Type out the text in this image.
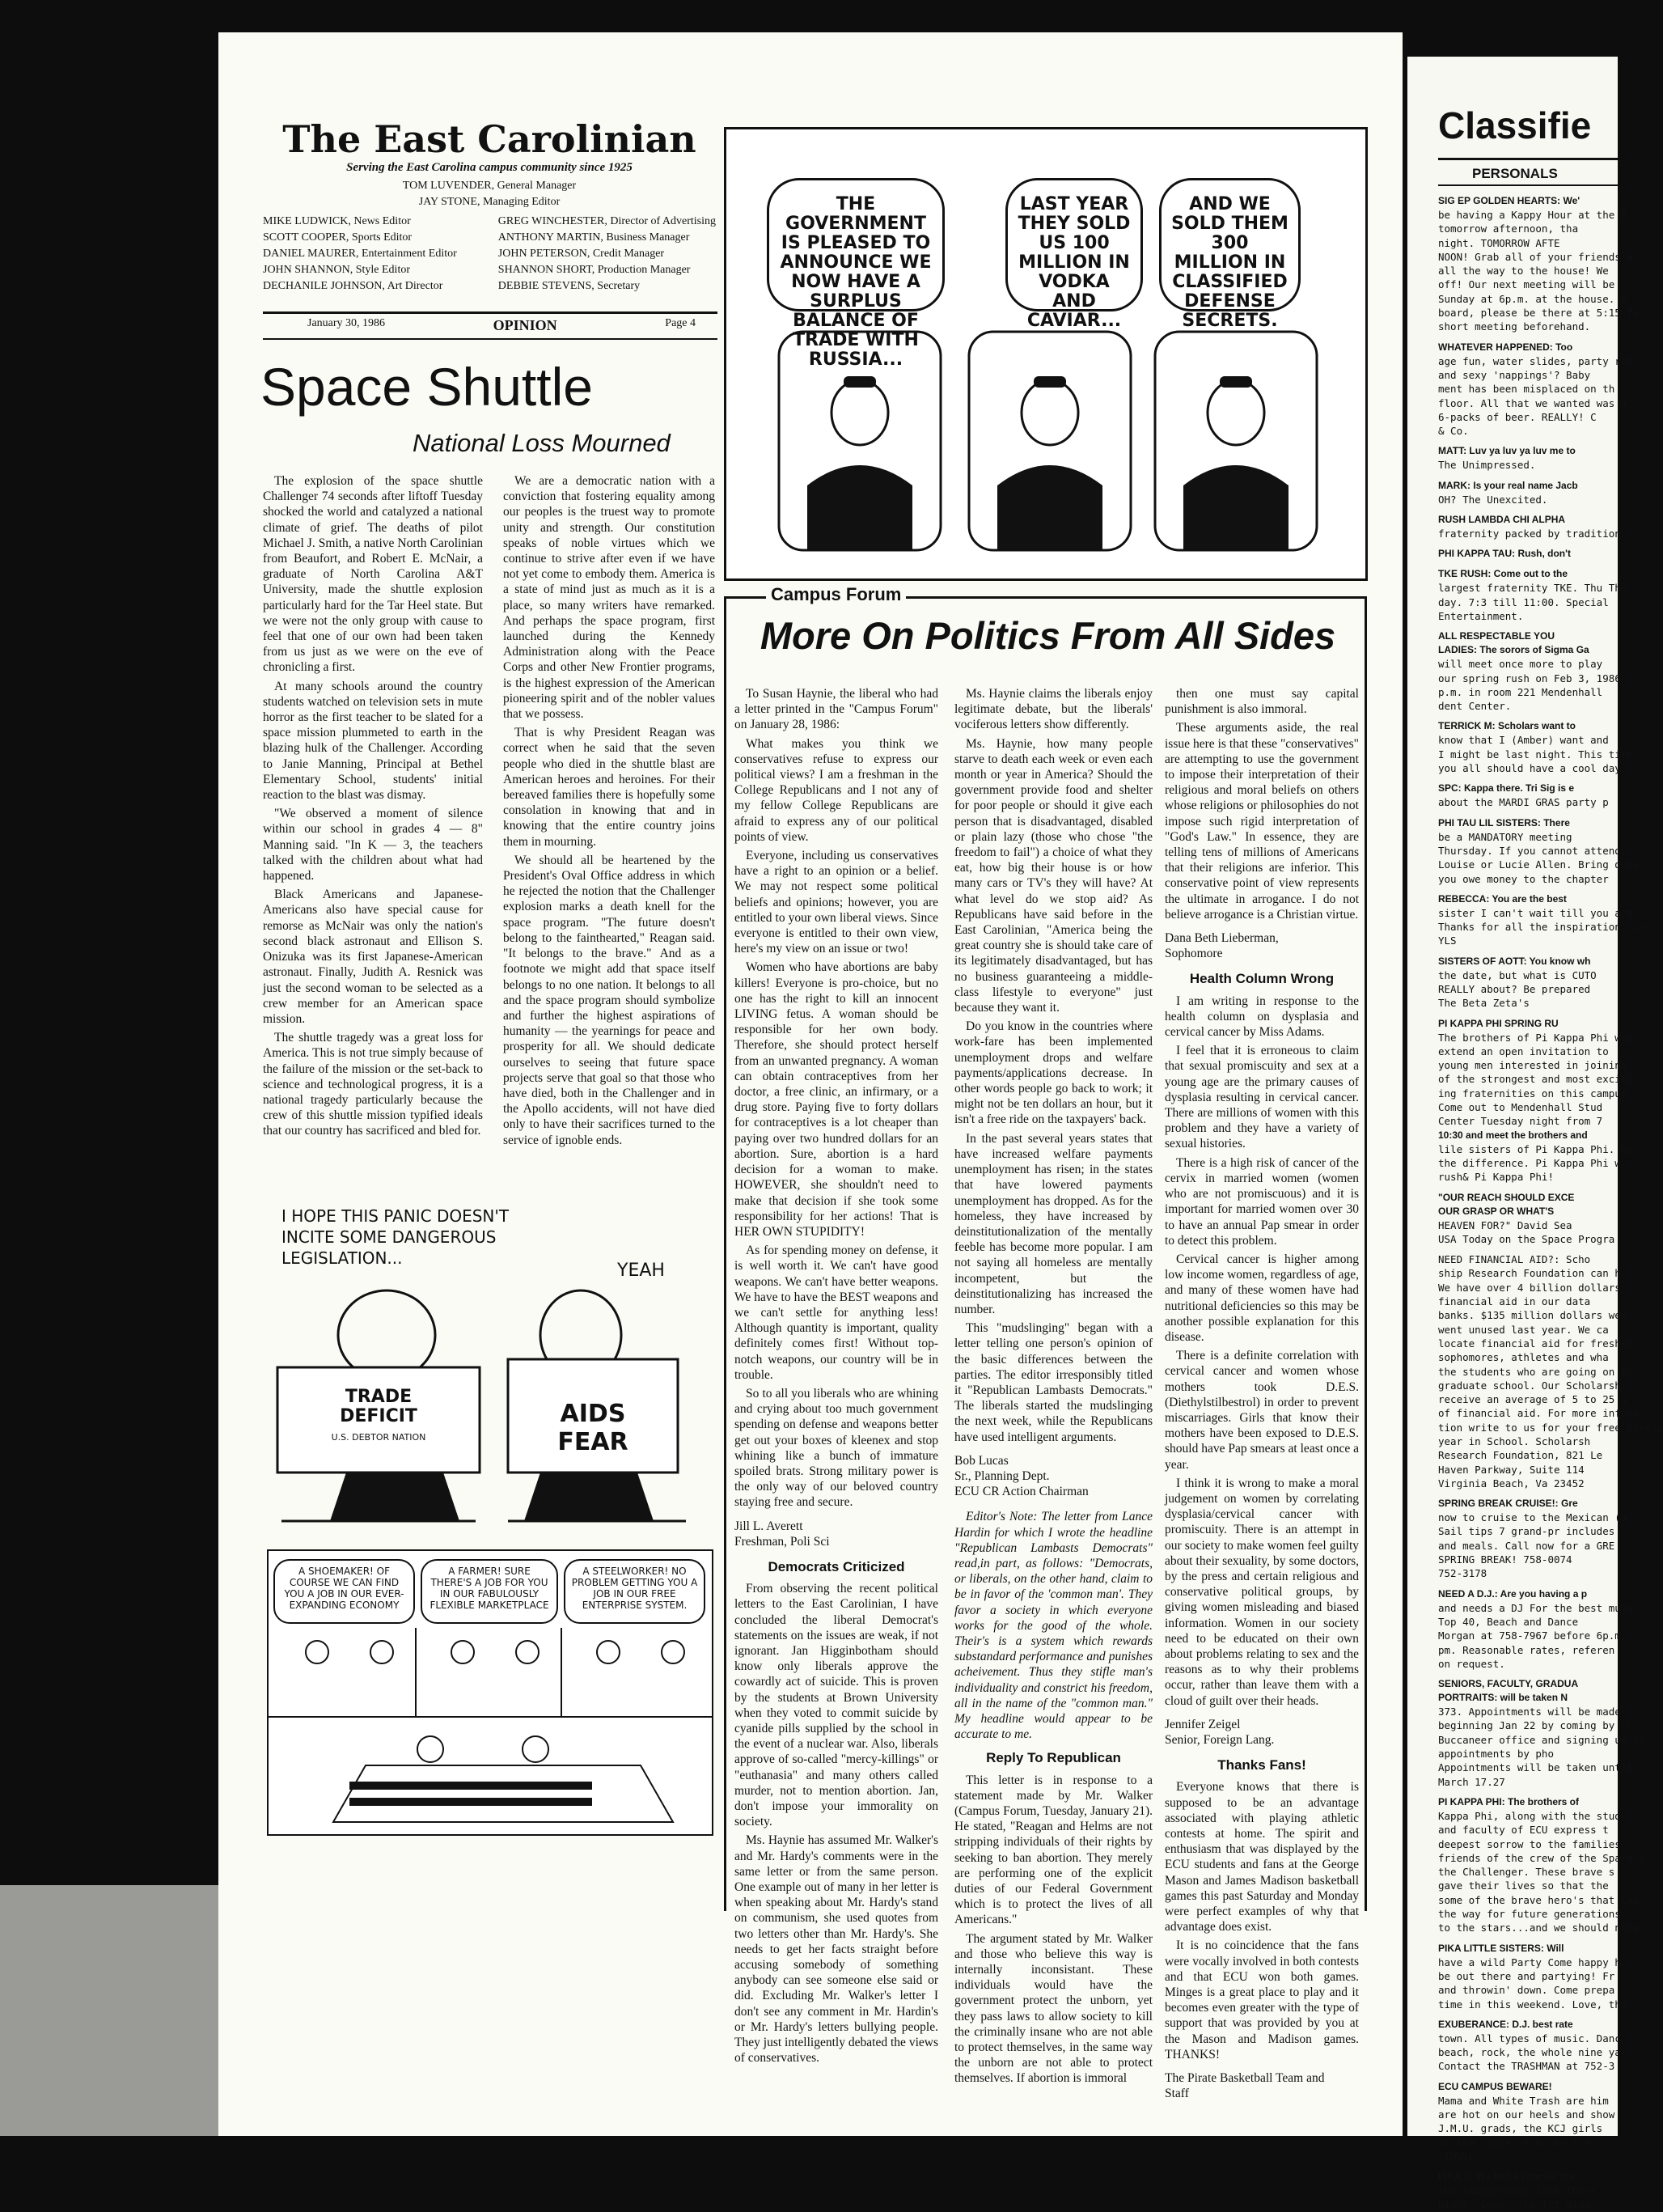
The East Carolinian
Serving the East Carolina campus community since 1925
TOM LUVENDER, General Manager
JAY STONE, Managing Editor
MIKE LUDWICK, News Editor
SCOTT COOPER, Sports Editor
DANIEL MAURER, Entertainment Editor
JOHN SHANNON, Style Editor
DECHANILE JOHNSON, Art Director
GREG WINCHESTER, Director of Advertising
ANTHONY MARTIN, Business Manager
JOHN PETERSON, Credit Manager
SHANNON SHORT, Production Manager
DEBBIE STEVENS, Secretary
January 30, 1986	OPINION	Page 4
Space Shuttle
National Loss Mourned

The explosion of the space shuttle Challenger 74 seconds after liftoff Tuesday shocked the world and catalyzed a national climate of grief. The deaths of pilot Michael J. Smith, a native North Carolinian from Beaufort, and Robert E. McNair, a graduate of North Carolina A&T University, made the shuttle explosion particularly hard for the Tar Heel state. But we were not the only group with cause to feel that one of our own had been taken from us just as we were on the eve of chronicling a first.

At many schools around the country students watched on television sets in mute horror as the first teacher to be slated for a space mission plummeted to earth in the blazing hulk of the Challenger. According to Janie Manning, Principal at Bethel Elementary School, students' initial reaction to the blast was dismay.

"We observed a moment of silence within our school in grades 4 — 8" Manning said. "In K — 3, the teachers talked with the children about what had happened.

Black Americans and Japanese-Americans also have special cause for remorse as McNair was only the nation's second black astronaut and Ellison S. Onizuka was its first Japanese-American astronaut. Finally, Judith A. Resnick was just the second woman to be selected as a crew member for an American space mission.

The shuttle tragedy was a great loss for America. This is not true simply because of the failure of the mission or the set-back to science and technological progress, it is a national tragedy particularly because the crew of this shuttle mission typified ideals that our country has sacrificed and bled for.

We are a democratic nation with a conviction that fostering equality among our peoples is the truest way to promote unity and strength. Our constitution speaks of noble virtues which we continue to strive after even if we have not yet come to embody them. America is a state of mind just as much as it is a place, so many writers have remarked. And perhaps the space program, first launched during the Kennedy Administration along with the Peace Corps and other New Frontier programs, is the highest expression of the American pioneering spirit and of the nobler values that we possess.

That is why President Reagan was correct when he said that the seven people who died in the shuttle blast are American heroes and heroines. For their bereaved families there is hopefully some consolation in knowing that and in knowing that the entire country joins them in mourning.

We should all be heartened by the President's Oval Office address in which he rejected the notion that the Challenger explosion marks a death knell for the space program. "The future doesn't belong to the fainthearted," Reagan said. "It belongs to the brave." And as a footnote we might add that space itself belongs to no one nation. It belongs to all and the space program should symbolize and further the highest aspirations of humanity — the yearnings for peace and prosperity for all. We should dedicate ourselves to seeing that future space projects serve that goal so that those who have died, both in the Challenger and in the Apollo accidents, will not have died only to have their sacrifices turned to the service of ignoble ends.

THE GOVERNMENT IS PLEASED TO ANNOUNCE WE NOW HAVE A SURPLUS BALANCE OF TRADE WITH RUSSIA...
LAST YEAR THEY SOLD US 100 MILLION IN VODKA AND CAVIAR...
AND WE SOLD THEM 300 MILLION IN CLASSIFIED DEFENSE SECRETS.
I HOPE THIS PANIC DOESN'T INCITE SOME DANGEROUS LEGISLATION...
YEAH
TRADE DEFICIT
U.S. DEBTOR NATION
AIDS FEAR
A SHOEMAKER! OF COURSE WE CAN FIND YOU A JOB IN OUR EVER-EXPANDING ECONOMY
A FARMER! SURE THERE'S A JOB FOR YOU IN OUR FABULOUSLY FLEXIBLE MARKETPLACE
A STEELWORKER! NO PROBLEM GETTING YOU A JOB IN OUR FREE ENTERPRISE SYSTEM.
Campus Forum
More On Politics From All Sides

To Susan Haynie, the liberal who had a letter printed in the "Campus Forum" on January 28, 1986:

What makes you think we conservatives refuse to express our political views? I am a freshman in the College Republicans and I not any of my fellow College Republicans are afraid to express any of our political points of view.

Everyone, including us conservatives have a right to an opinion or a belief. We may not respect some political beliefs and opinions; however, you are entitled to your own liberal views. Since everyone is entitled to their own view, here's my view on an issue or two!

Women who have abortions are baby killers! Everyone is pro-choice, but no one has the right to kill an innocent LIVING fetus. A woman should be responsible for her own body. Therefore, she should protect herself from an unwanted pregnancy. A woman can obtain contraceptives from her doctor, a free clinic, an infirmary, or a drug store. Paying five to forty dollars for contraceptives is a lot cheaper than paying over two hundred dollars for an abortion. Sure, abortion is a hard decision for a woman to make. HOWEVER, she shouldn't need to make that decision if she took some responsibility for her actions! That is HER OWN STUPIDITY!

As for spending money on defense, it is well worth it. We can't have good weapons. We can't have better weapons. We have to have the BEST weapons and we can't settle for anything less! Although quantity is important, quality definitely comes first! Without top-notch weapons, our country will be in trouble.

So to all you liberals who are whining and crying about too much government spending on defense and weapons better get out your boxes of kleenex and stop whining like a bunch of immature spoiled brats. Strong military power is the only way of our beloved country staying free and secure.

Jill L. Averett
Freshman, Poli Sci
Democrats Criticized

From observing the recent political letters to the East Carolinian, I have concluded the liberal Democrat's statements on the issues are weak, if not ignorant. Jan Higginbotham should know only liberals approve the cowardly act of suicide. This is proven by the students at Brown University when they voted to commit suicide by cyanide pills supplied by the school in the event of a nuclear war. Also, liberals approve of so-called "mercy-killings" or "euthanasia" and many others called murder, not to mention abortion. Jan, don't impose your immorality on society.

Ms. Haynie has assumed Mr. Walker's and Mr. Hardy's comments were in the same letter or from the same person. One example out of many in her letter is when speaking about Mr. Hardy's stand on communism, she used quotes from two letters other than Mr. Hardy's. She needs to get her facts straight before accusing somebody of something anybody can see someone else said or did. Excluding Mr. Walker's letter I don't see any comment in Mr. Hardin's or Mr. Hardy's letters bullying people. They just intelligently debated the views of conservatives.

Ms. Haynie claims the liberals enjoy legitimate debate, but the liberals' vociferous letters show differently.

Ms. Haynie, how many people starve to death each week or even each month or year in America? Should the government provide food and shelter for poor people or should it give each person that is disadvantaged, disabled or plain lazy (those who chose "the freedom to fail") a choice of what they eat, how big their house is or how many cars or TV's they will have? At what level do we stop aid? As Republicans have said before in the East Carolinian, "America being the great country she is should take care of its legitimately disadvantaged, but has no business guaranteeing a middle-class lifestyle to everyone" just because they want it.

Do you know in the countries where work-fare has been implemented unemployment drops and welfare payments/applications decrease. In other words people go back to work; it might not be ten dollars an hour, but it isn't a free ride on the taxpayers' back.

In the past several years states that have increased welfare payments unemployment has risen; in the states that have lowered payments unemployment has dropped. As for the homeless, they have increased by deinstitutionalization of the mentally feeble has become more popular. I am not saying all homeless are mentally incompetent, but the deinstitutionalizing has increased the number.

This "mudslinging" began with a letter telling one person's opinion of the basic differences between the parties. The editor irresponsibly titled it "Republican Lambasts Democrats." The liberals started the mudslinging the next week, while the Republicans have used intelligent arguments.

Bob Lucas
Sr., Planning Dept.
ECU CR Action Chairman

Editor's Note: The letter from Lance Hardin for which I wrote the headline "Republican Lambasts Democrats" read,in part, as follows: "Democrats, or liberals, on the other hand, claim to be in favor of the 'common man'. They favor a society in which everyone works for the good of the whole. Their's is a system which rewards substandard performance and punishes acheivement. Thus they stifle man's individuality and constrict his freedom, all in the name of the "common man." My headline would appear to be accurate to me.

Reply To Republican

This letter is in response to a statement made by Mr. Walker (Campus Forum, Tuesday, January 21). He stated, "Reagan and Helms are not stripping individuals of their rights by seeking to ban abortion. They merely are performing one of the explicit duties of our Federal Government which is to protect the lives of all Americans."

The argument stated by Mr. Walker and those who believe this way is internally inconsistant. These individuals would have the government protect the unborn, yet they pass laws to allow society to kill the criminally insane who are not able to protect themselves, in the same way the unborn are not able to protect themselves. If abortion is immoral

then one must say capital punishment is also immoral.

These arguments aside, the real issue here is that these "conservatives" are attempting to use the government to impose their interpretation of their religious and moral beliefs on others whose religions or philosophies do not impose such rigid interpretation of "God's Law." In essence, they are telling tens of millions of Americans that their religions are inferior. This conservative point of view represents the ultimate in arrogance. I do not believe arrogance is a Christian virtue.

Dana Beth Lieberman,
Sophomore
Health Column Wrong

I am writing in response to the health column on dysplasia and cervical cancer by Miss Adams.

I feel that it is erroneous to claim that sexual promiscuity and sex at a young age are the primary causes of dysplasia resulting in cervical cancer. There are millions of women with this problem and they have a variety of sexual histories.

There is a high risk of cancer of the cervix in married women (women who are not promiscuous) and it is important for married women over 30 to have an annual Pap smear in order to detect this problem.

Cervical cancer is higher among low income women, regardless of age, and many of these women have had nutritional deficiencies so this may be another possible explanation for this disease.

There is a definite correlation with cervical cancer and women whose mothers took D.E.S. (Diethylstilbestrol) in order to prevent miscarriages. Girls that know their mothers have been exposed to D.E.S. should have Pap smears at least once a year.

I think it is wrong to make a moral judgement on women by correlating dysplasia/cervical cancer with promiscuity. There is an attempt in our society to make women feel guilty about their sexuality, by some doctors, by the press and certain religious and conservative political groups, by giving women misleading and biased information. Women in our society need to be educated on their own about problems relating to sex and the reasons as to why their problems occur, rather than leave them with a cloud of guilt over their heads.

Jennifer Zeigel
Senior, Foreign Lang.
Thanks Fans!

Everyone knows that there is supposed to be an advantage associated with playing athletic contests at home. The spirit and enthusiasm that was displayed by the ECU students and fans at the George Mason and James Madison basketball games this past Saturday and Monday were perfect examples of why that advantage does exist.

It is no coincidence that the fans were vocally involved in both contests and that ECU won both games. Minges is a great place to play and it becomes even greater with the type of support that was provided by you at the Mason and Madison games. THANKS!

The Pirate Basketball Team and
Staff
Classifie
PERSONALS
SIG EP GOLDEN HEARTS: We'
be having a Kappy Hour at the E
tomorrow afternoon, tha
night. TOMORROW AFTE
NOON! Grab all of your friends a
all the way to the house! We
off! Our next meeting will be
Sunday at 6p.m. at the house. E
board, please be there at 5:15 fo
short meeting beforehand.
WHATEVER HAPPENED: Too
age fun, water slides, party ran
and sexy 'nappings'? Baby
ment has been misplaced on th
floor. All that we wanted was a
6-packs of beer. REALLY! C
& Co.
MATT: Luv ya luv ya luv me to
The Unimpressed.
MARK: Is your real name Jacb
OH? The Unexcited.
RUSH LAMBDA CHI ALPHA
fraternity packed by tradition
PHI KAPPA TAU: Rush, don't
TKE RUSH: Come out to the
largest fraternity TKE. Thu Thu
day. 7:3 till 11:00. Special
Entertainment.
ALL RESPECTABLE YOU
LADIES: The sorors of Sigma Ga
will meet once more to play
our spring rush on Feb 3, 1986
p.m. in room 221 Mendenhall
dent Center.
TERRICK M: Scholars want to
know that I (Amber) want and
I might be last night. This time
you all should have a cool day
SPC: Kappa there. Tri Sig is e
about the MARDI GRAS party p
PHI TAU LIL SISTERS: There
be a MANDATORY meeting
Thursday. If you cannot attend,
Louise or Lucie Allen. Bring dues
you owe money to the chapter
REBECCA: You are the best
sister I can't wait till you are
Thanks for all the inspiration. Lo
YLS
SISTERS OF AOTT: You know wh
the date, but what is CUTO
REALLY about? Be prepared
The Beta Zeta's
PI KAPPA PHI SPRING RU
The brothers of Pi Kappa Phi wou
extend an open invitation to
young men interested in joining
of the strongest and most exciti
ing fraternities on this campus
Come out to Mendenhall Stud
Center Tuesday night from 7
10:30 and meet the brothers and
lile sisters of Pi Kappa Phi. We
the difference. Pi Kappa Phi w
rush& Pi Kappa Phi!
"OUR REACH SHOULD EXCE
OUR GRASP OR WHAT'S
HEAVEN FOR?" David Sea
USA Today on the Space Progra
NEED FINANCIAL AID?: Scho
ship Research Foundation can h
We have over 4 billion dollars
financial aid in our data
banks. $135 million dollars wen
went unused last year. We ca
locate financial aid for freshme
sophomores, athletes and wha
the students who are going on to
graduate school. Our Scholarsh
receive an average of 5 to 25 s
of financial aid. For more inform
tion write to us for your free schola
year in School. Scholarsh
Research Foundation, 821 Le
Haven Parkway, Suite 114
Virginia Beach, Va 23452
SPRING BREAK CRUISE!: Gre
now to cruise to the Mexican (a
Sail tips 7 grand-pr includes
and meals. Call now for a GRE
SPRING BREAK! 758-0074
752-3178
NEED A D.J.: Are you having a p
and needs a DJ For the best music
Top 40, Beach and Dance
Morgan at 758-7967 before 6p.m.
pm. Reasonable rates, referen
on request.
SENIORS, FACULTY, GRADUA
PORTRAITS: will be taken N
373. Appointments will be made
beginning Jan 22 by coming by th
Buccaneer office and signing up fo
appointments by pho
Appointments will be taken until
March 17.27
PI KAPPA PHI: The brothers of
Kappa Phi, along with the stud
and faculty of ECU express t
deepest sorrow to the families
friends of the crew of the Space s
the Challenger. These brave s
gave their lives so that the
some of the brave hero's that lea
the way for future generations
to the stars...and we should neve
PIKA LITTLE SISTERS: Will
have a wild Party Come happy h
be out there and partying! Fr
and throwin' down. Come prepa
time in this weekend. Love, the
EXUBERANCE: D.J. best rate
town. All types of music. Danc
beach, rock, the whole nine yar
Contact the TRASHMAN at 752-3
ECU CAMPUS BEWARE!
Mama and White Trash are him
are hot on our heels and show
J.M.U. grads, the KCJ girls
on the loose! P.S. As S.H.
"TMWYL"
PIKA'S: We had a jammin' tim
the campgrounds last Thurs
night. Love, The Tri Sigs
